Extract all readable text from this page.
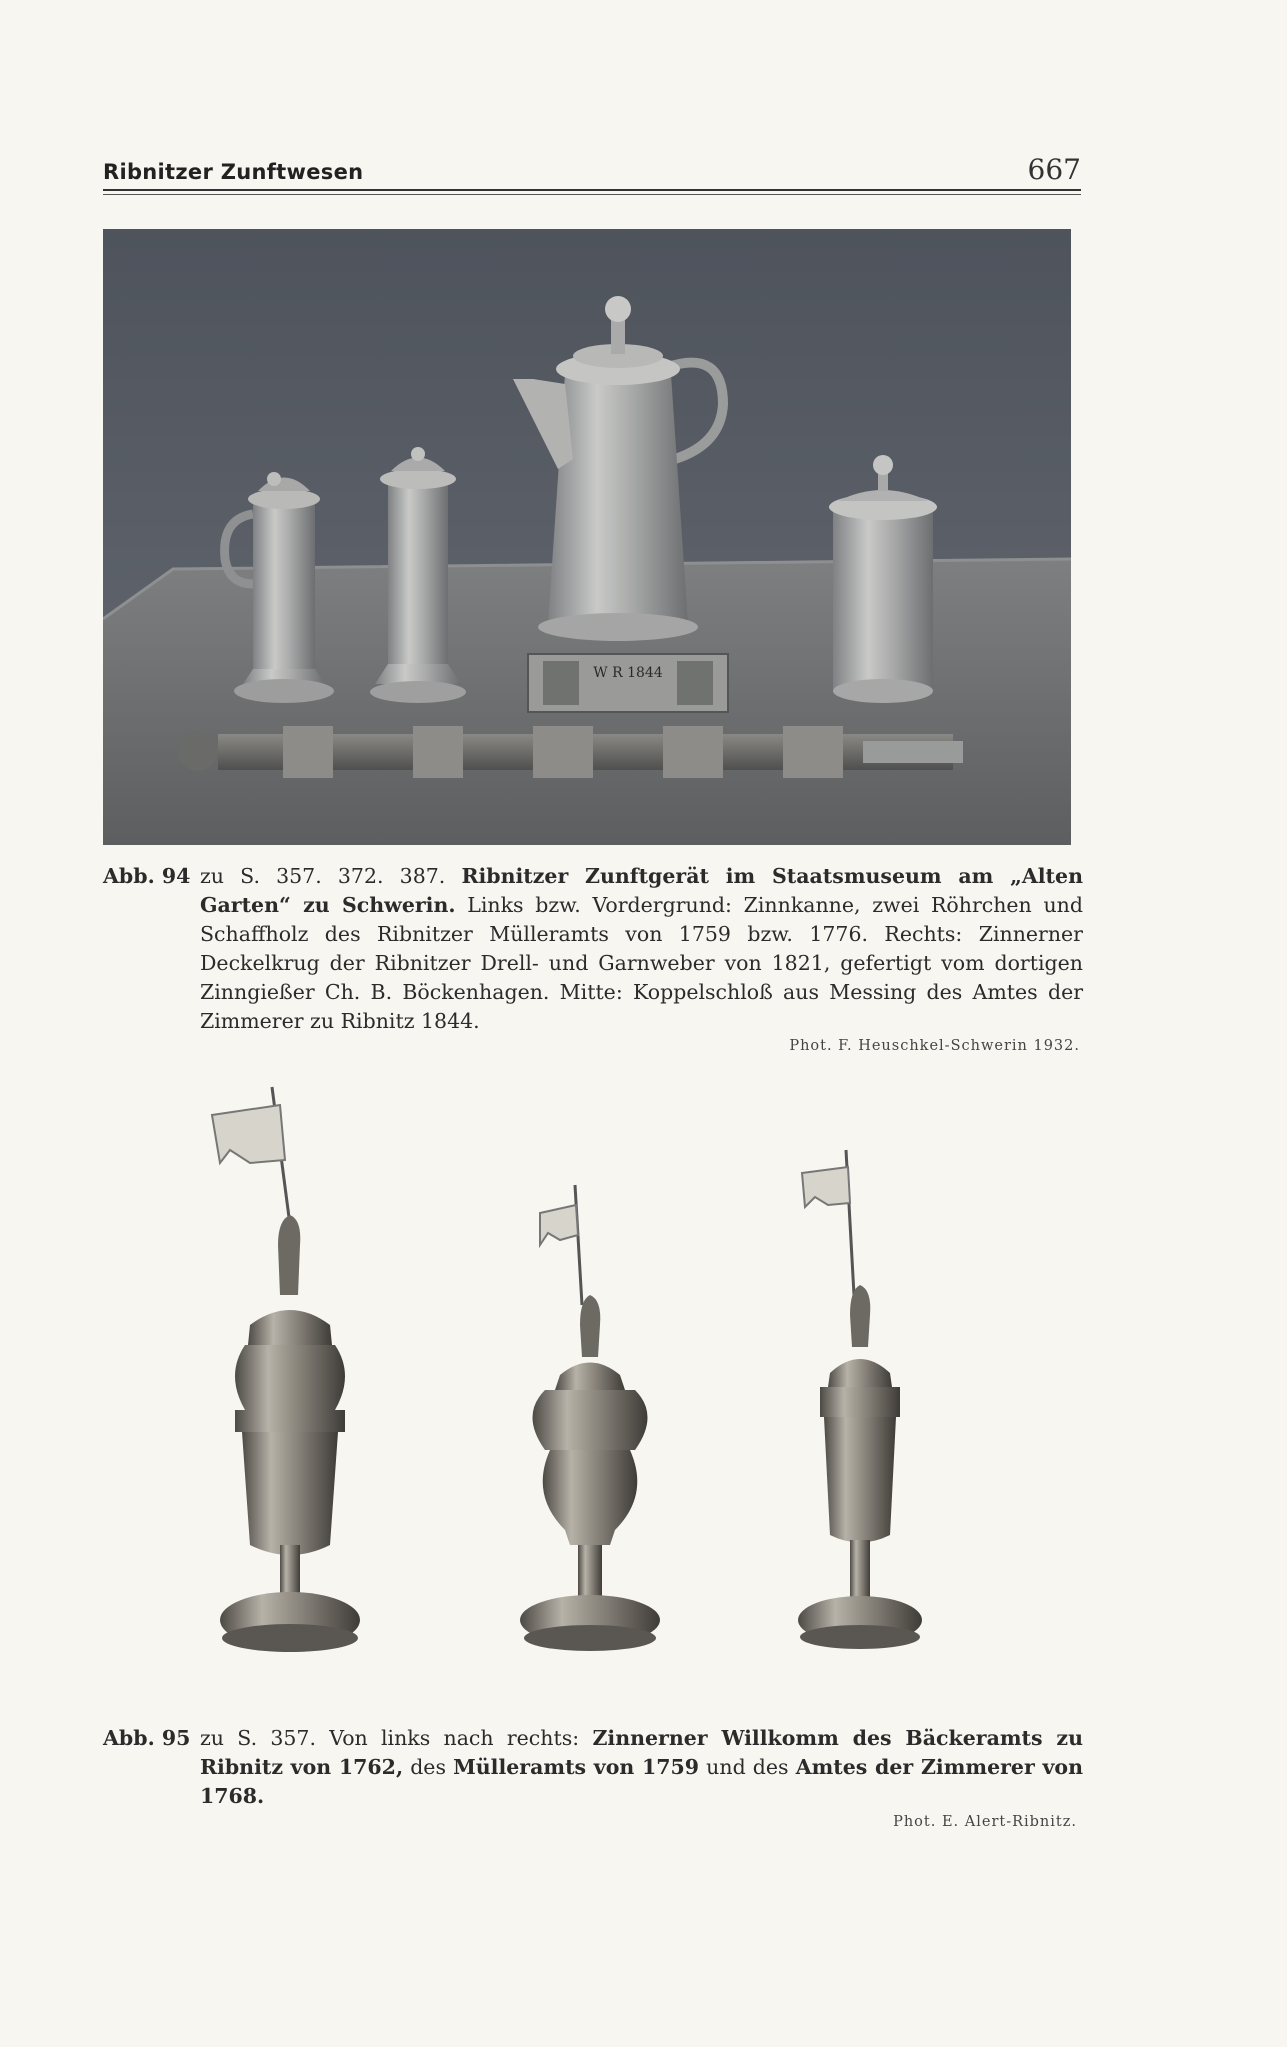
Ribnitzer Zunftwesen	667
W R 1844
Abb. 94 zu S. 357. 372. 387. Ribnitzer Zunftgerät im Staatsmuseum am „Alten Garten“ zu Schwerin. Links bzw. Vordergrund: Zinnkanne, zwei Röhrchen und Schaffholz des Ribnitzer Mülleramts von 1759 bzw. 1776. Rechts: Zinnerner Deckelkrug der Ribnitzer Drell- und Garnweber von 1821, gefertigt vom dortigen Zinngießer Ch. B. Böckenhagen. Mitte: Koppelschloß aus Messing des Amtes der Zimmerer zu Ribnitz 1844.
Phot. F. Heuschkel-Schwerin 1932.
Abb. 95 zu S. 357. Von links nach rechts: Zinnerner Willkomm des Bäckeramts zu Ribnitz von 1762, des Mülleramts von 1759 und des Amtes der Zimmerer von 1768.
Phot. E. Alert-Ribnitz.
